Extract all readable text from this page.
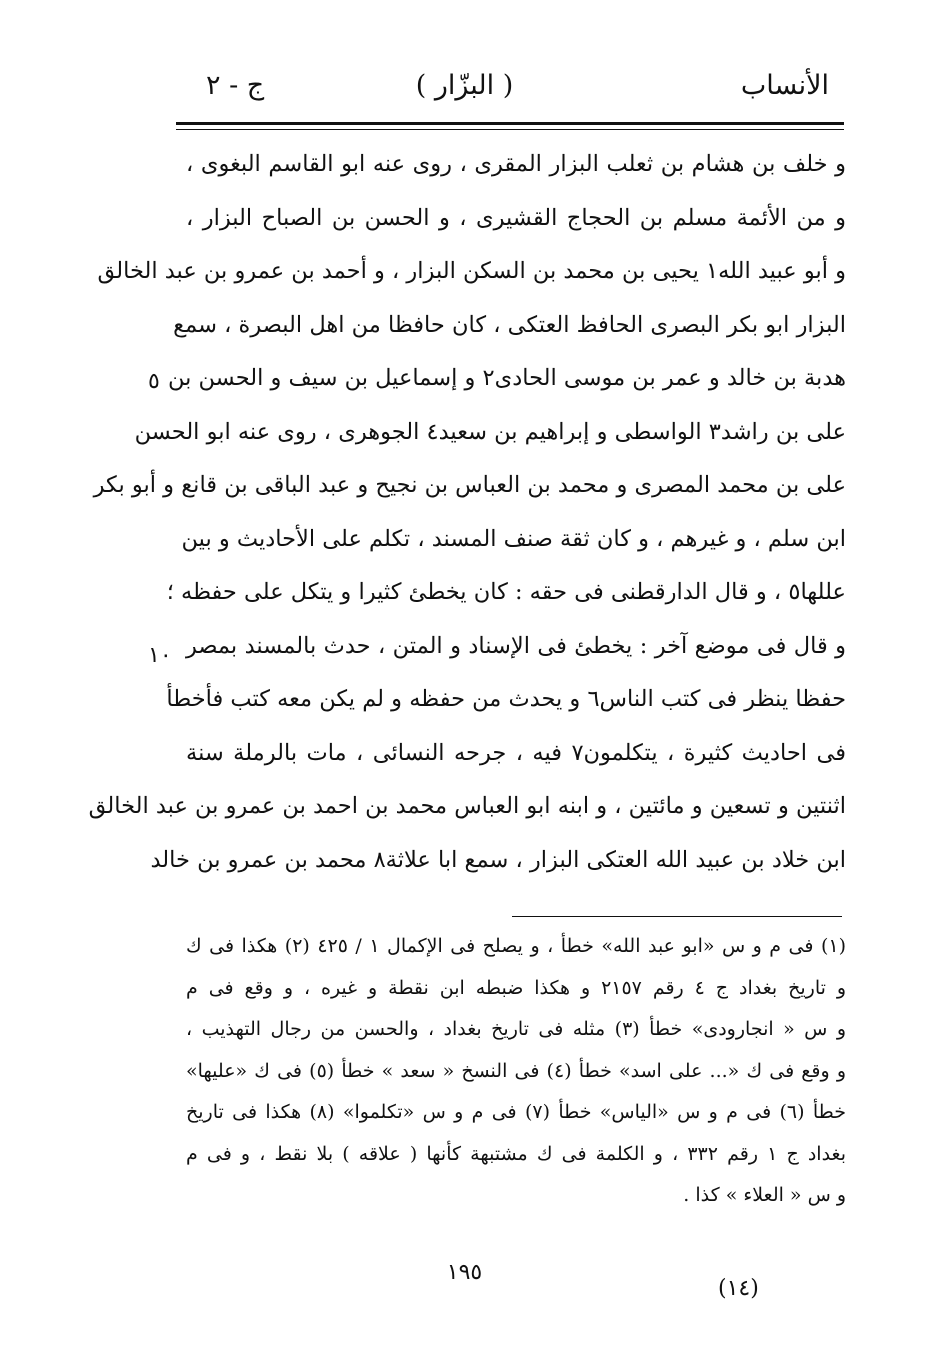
الأنساب
( البزّار )
ج - ٢
و خلف بن هشام بن ثعلب البزار المقرى ، روى عنه ابو القاسم البغوى ،
و من الأئمة مسلم بن الحجاج القشيرى ، و الحسن بن الصباح البزار ،
و أبو عبيد الله١ يحيى بن محمد بن السكن البزار ، و أحمد بن عمرو بن عبد الخالق
البزار ابو بكر البصرى الحافظ العتكى ، كان حافظا من اهل البصرة ، سمع
هدبة بن خالد و عمر بن موسى الحادى٢ و إسماعيل بن سيف و الحسن بن
على بن راشد٣ الواسطى و إبراهيم بن سعيد٤ الجوهرى ، روى عنه ابو الحسن
على بن محمد المصرى و محمد بن العباس بن نجيح و عبد الباقى بن قانع و أبو بكر
ابن سلم ، و غيرهم ، و كان ثقة صنف المسند ، تكلم على الأحاديث و بين
عللها٥ ، و قال الدارقطنى فى حقه : كان يخطئ كثيرا و يتكل على حفظه ؛
و قال فى موضع آخر : يخطئ فى الإسناد و المتن ، حدث بالمسند بمصر
حفظا ينظر فى كتب الناس٦ و يحدث من حفظه و لم يكن معه كتب فأخطأ
فى احاديث كثيرة ، يتكلمون٧ فيه ، جرحه النسائى ، مات بالرملة سنة
اثنتين و تسعين و مائتين ، و ابنه ابو العباس محمد بن احمد بن عمرو بن عبد الخالق
ابن خلاد بن عبيد الله العتكى البزار ، سمع ابا علاثة٨ محمد بن عمرو بن خالد
٥
١٠
(١) فى م و س «ابو عبد الله» خطأ ، و يصلح فى الإكمال ١ / ٤٢٥ (٢) هكذا فى ك
و تاريخ بغداد ج ٤ رقم ٢١٥٧ و هكذا ضبطه ابن نقطة و غيره ، و وقع فى م
و س « انجارودى» خطأ (٣) مثله فى تاريخ بغداد ، والحسن من رجال التهذيب ،
و وقع فى ك «... على اسد» خطأ (٤) فى النسخ « سعد » خطأ (٥) فى ك «عليها»
خطأ (٦) فى م و س «الياس» خطأ (٧) فى م و س «تكلموا» (٨) هكذا فى تاريخ
بغداد ج ١ رقم ٣٣٢ ، و الكلمة فى ك مشتبهة كأنها ( علاقه ) بلا نقط ، و فى م
و س « العلاء » كذا .
١٩٥
(١٤)
